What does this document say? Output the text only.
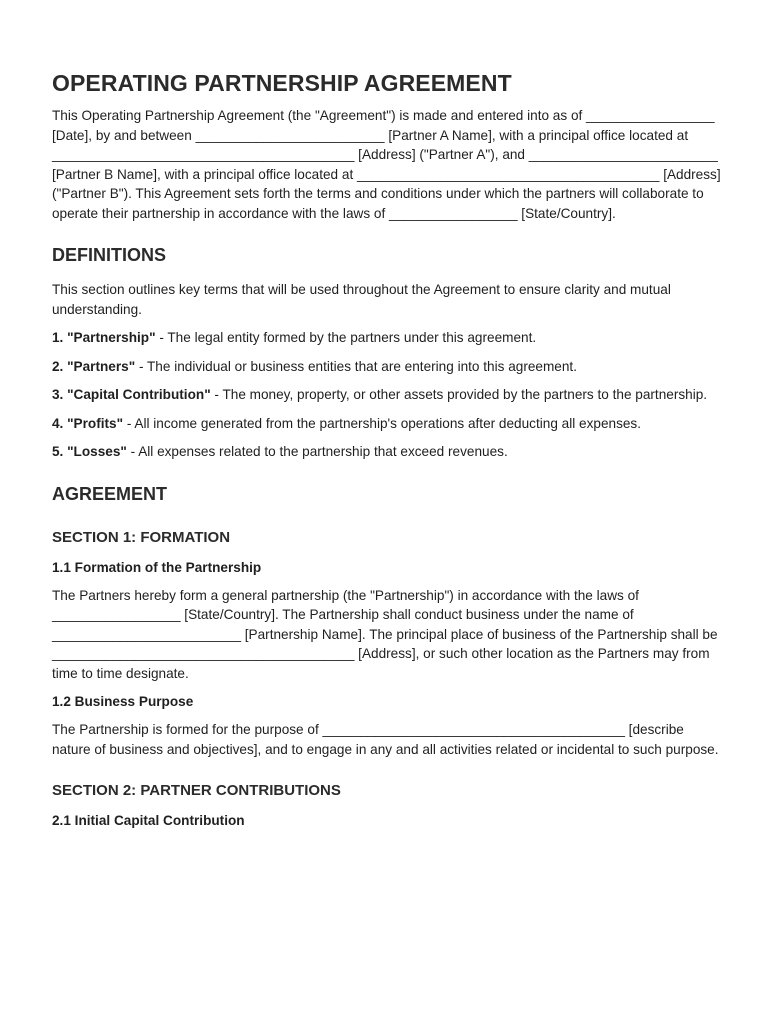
OPERATING PARTNERSHIP AGREEMENT

This Operating Partnership Agreement (the "Agreement") is made and entered into as of _________________ [Date], by and between _________________________ [Partner A Name], with a principal office located at ________________________________________ [Address] ("Partner A"), and _________________________ [Partner B Name], with a principal office located at ________________________________________ [Address] ("Partner B"). This Agreement sets forth the terms and conditions under which the partners will collaborate to operate their partnership in accordance with the laws of _________________ [State/Country].

DEFINITIONS

This section outlines key terms that will be used throughout the Agreement to ensure clarity and mutual understanding.

1. "Partnership" - The legal entity formed by the partners under this agreement.

2. "Partners" - The individual or business entities that are entering into this agreement.

3. "Capital Contribution" - The money, property, or other assets provided by the partners to the partnership.

4. "Profits" - All income generated from the partnership's operations after deducting all expenses.

5. "Losses" - All expenses related to the partnership that exceed revenues.

AGREEMENT
SECTION 1: FORMATION
1.1 Formation of the Partnership

The Partners hereby form a general partnership (the "Partnership") in accordance with the laws of _________________ [State/Country]. The Partnership shall conduct business under the name of _________________________ [Partnership Name]. The principal place of business of the Partnership shall be ________________________________________ [Address], or such other location as the Partners may from time to time designate.

1.2 Business Purpose

The Partnership is formed for the purpose of ________________________________________ [describe nature of business and objectives], and to engage in any and all activities related or incidental to such purpose.

SECTION 2: PARTNER CONTRIBUTIONS
2.1 Initial Capital Contribution
